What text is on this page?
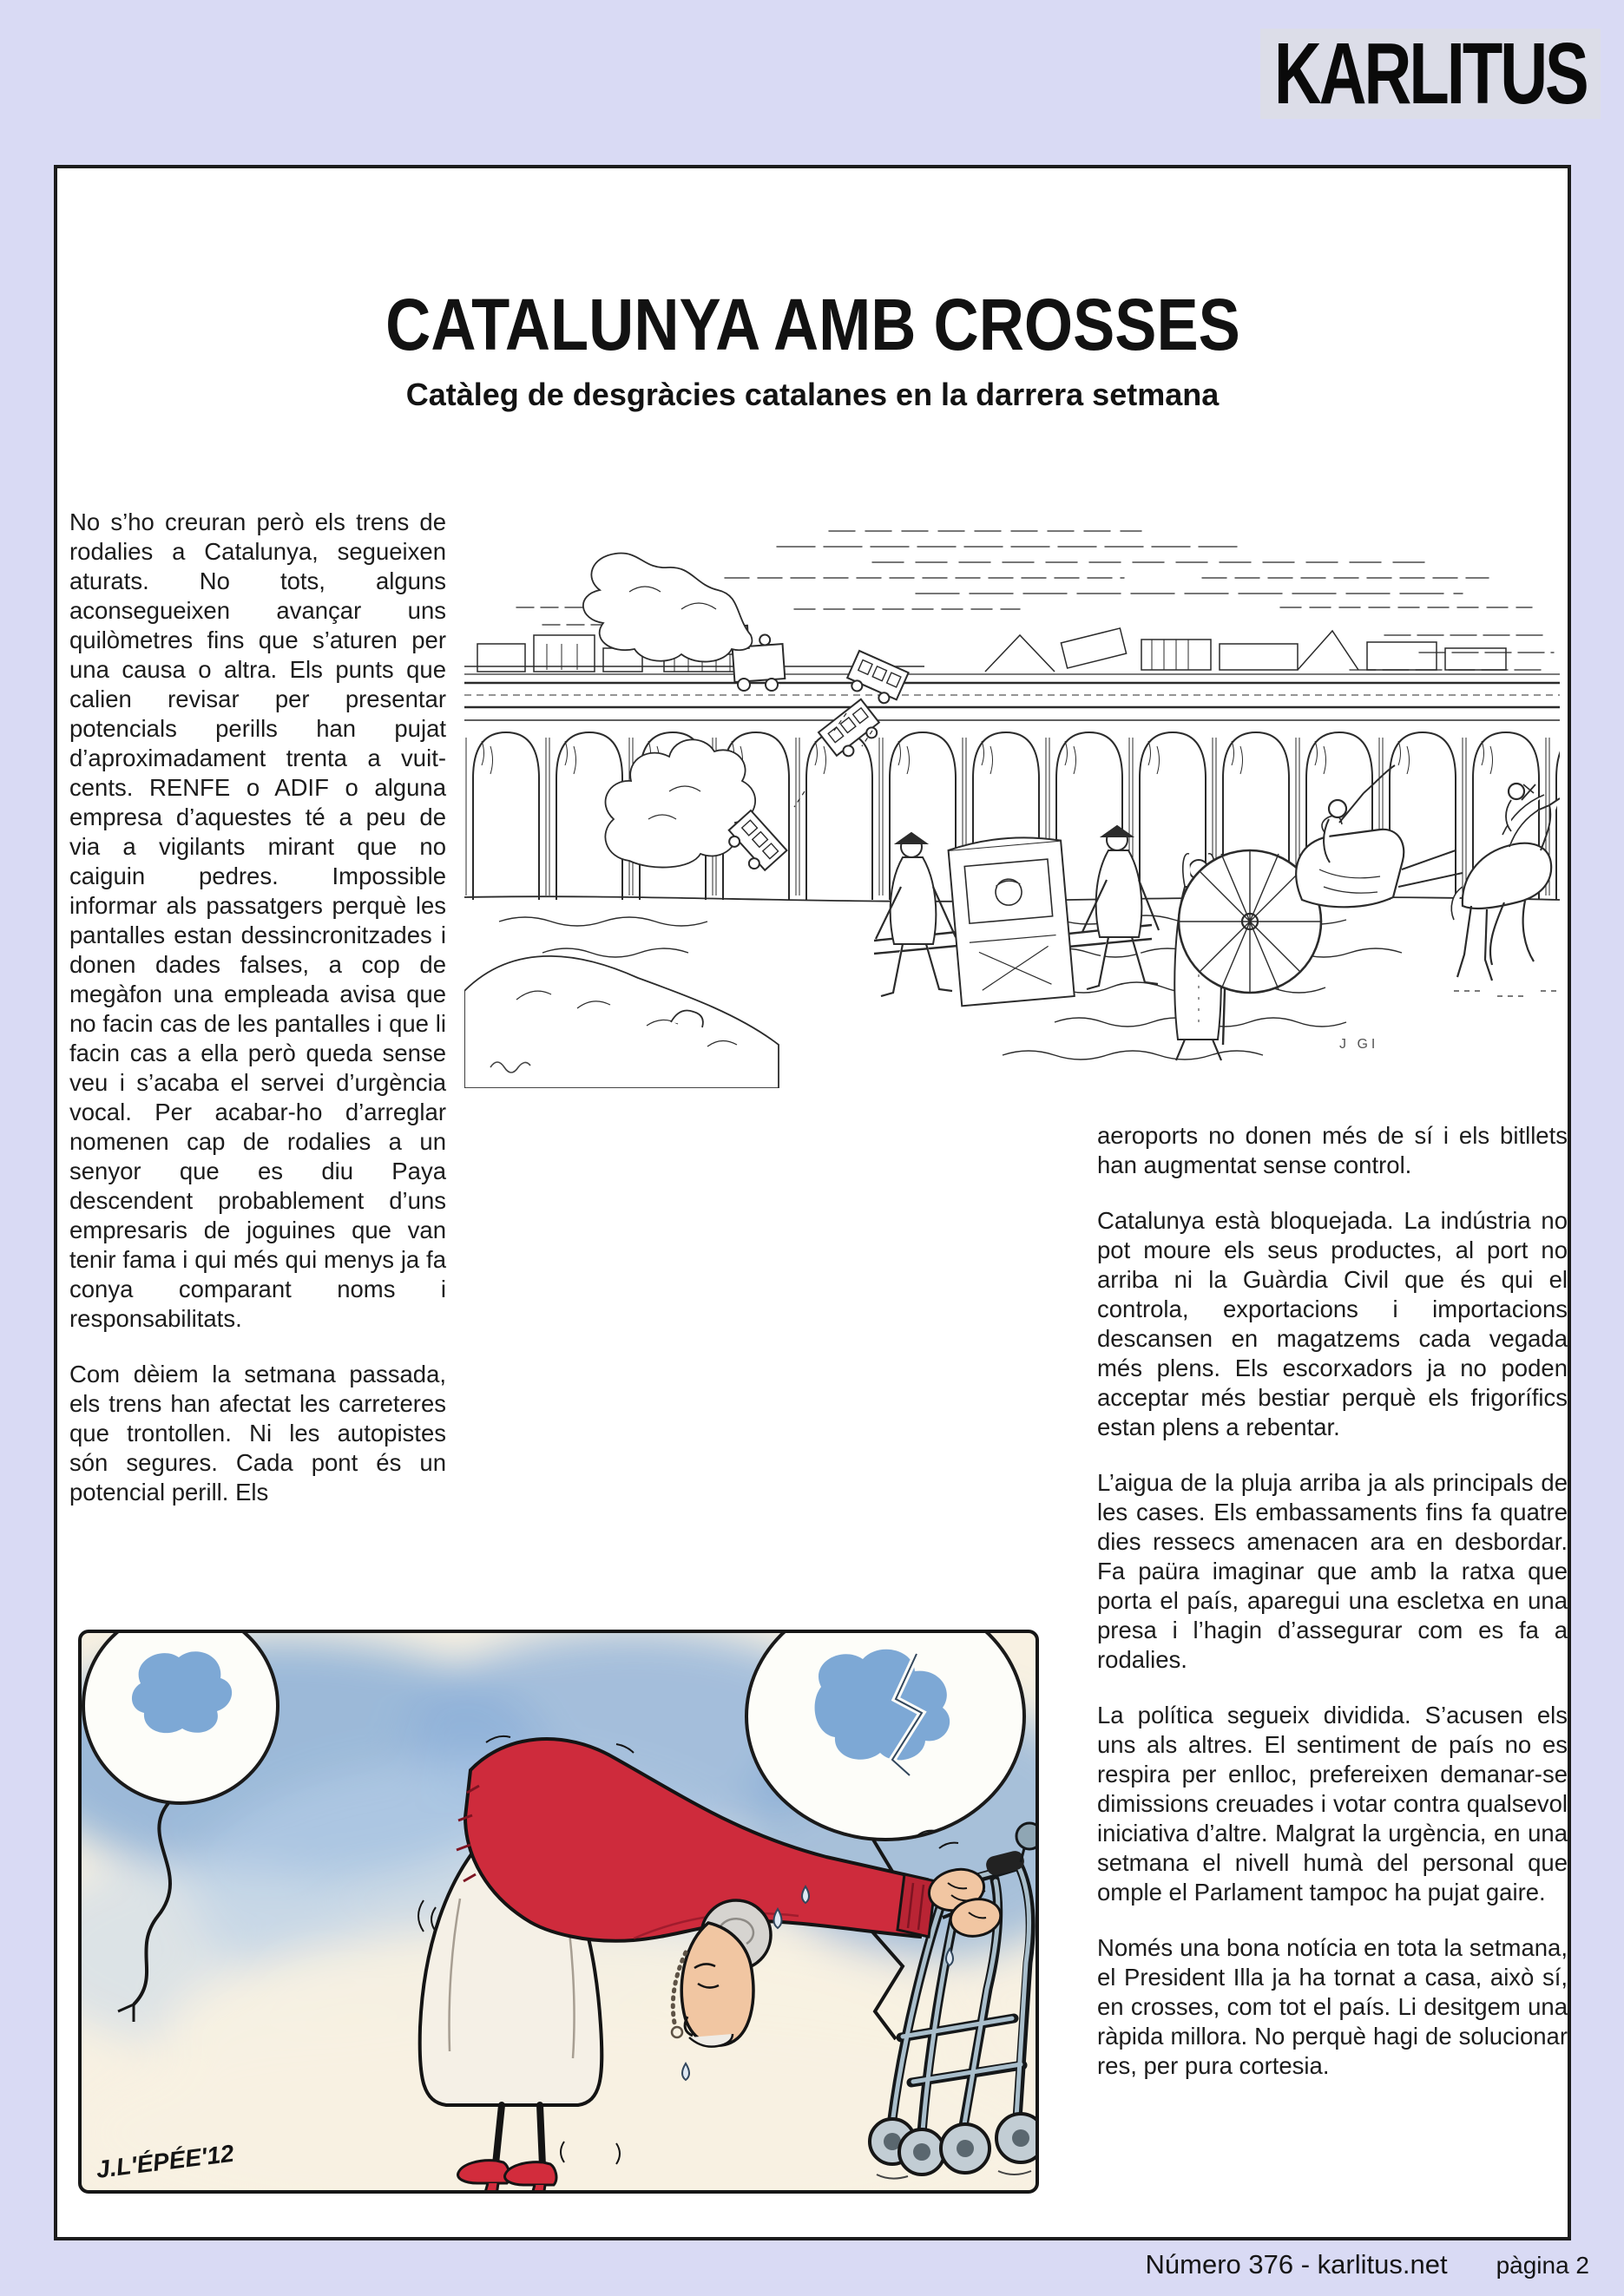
KARLITUS
CATALUNYA AMB CROSSES
Catàleg de desgràcies catalanes en la darrera setmana
J GI

No s’ho creuran però els trens de rodalies a Catalunya, segueixen aturats. No tots, alguns aconsegueixen avançar uns quilòmetres fins que s’aturen per una causa o altra. Els punts que calien revisar per presentar potencials perills han pujat d’aproximadament trenta a vuit-cents. RENFE o ADIF o alguna empresa d’aquestes té a peu de via a vigilants mirant que no caiguin pedres. Impossible informar als passatgers perquè les pantalles estan dessincronitzades i donen dades falses, a cop de megàfon una empleada avisa que no facin cas de les pantalles i que li facin cas a ella però queda sense veu i s’acaba el servei d’urgència vocal. Per acabar-ho d’arreglar nomenen cap de rodalies a un senyor que es diu Paya descendent probablement d’uns empresaris de joguines que van tenir fama i qui més qui menys ja fa conya comparant noms i responsabilitats.

Com dèiem la setmana passada, els trens han afectat les carreteres que trontollen. Ni les autopistes són segures. Cada pont és un potencial perill. Els

aeroports no donen més de sí i els bitllets han augmentat sense control.

Catalunya està bloquejada. La indústria no pot moure els seus productes, al port no arriba ni la Guàrdia Civil que és qui el controla, exportacions i importacions descansen en magatzems cada vegada més plens. Els escorxadors ja no poden acceptar més bestiar perquè els frigorífics estan plens a rebentar.

L’aigua de la pluja arriba ja als principals de les cases. Els embassaments fins fa quatre dies ressecs amenacen ara en desbordar. Fa paüra imaginar que amb la ratxa que porta el país, aparegui una escletxa en una presa i l’hagin d’assegurar com es fa a rodalies.

La política segueix dividida. S’acusen els uns als altres. El sentiment de país no es respira per enlloc, prefereixen demanar-se dimissions creuades i votar contra qualsevol iniciativa d’altre. Malgrat la urgència, en una setmana el nivell humà del personal que omple el Parlament tampoc ha pujat gaire.

Només una bona notícia en tota la setmana, el President Illa ja ha tornat a casa, això sí, en crosses, com tot el país. Li desitgem una ràpida millora. No perquè hagi de solucionar res, per pura cortesia.

J.L'ÉPÉE'12
Número 376 - karlitus.net pàgina 2
